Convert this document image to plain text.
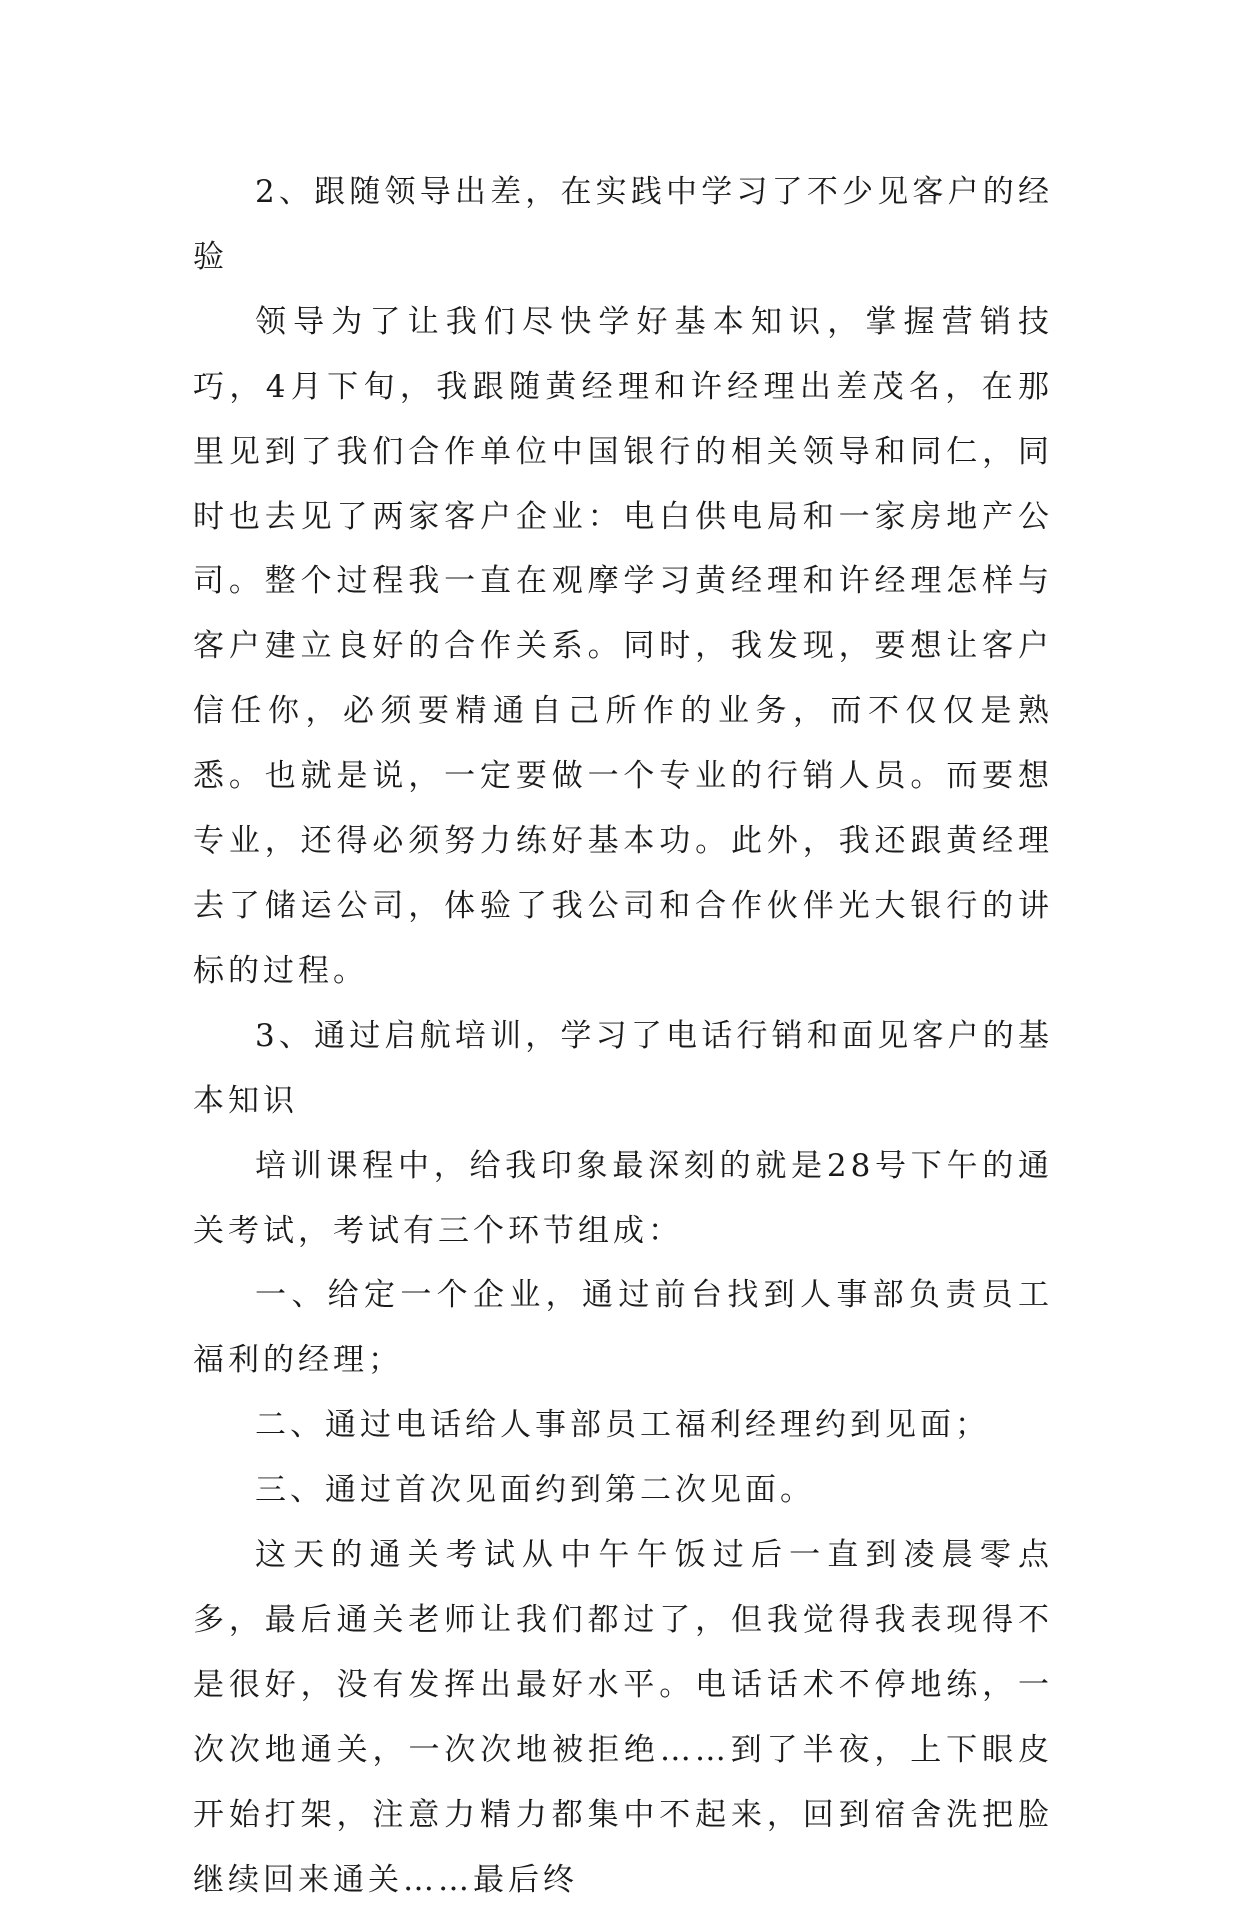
2、跟随领导出差，在实践中学习了不少见客户的经验

领导为了让我们尽快学好基本知识，掌握营销技巧，4月下旬，我跟随黄经理和许经理出差茂名，在那里见到了我们合作单位中国银行的相关领导和同仁，同时也去见了两家客户企业：电白供电局和一家房地产公司。整个过程我一直在观摩学习黄经理和许经理怎样与客户建立良好的合作关系。同时，我发现，要想让客户信任你，必须要精通自己所作的业务，而不仅仅是熟悉。也就是说，一定要做一个专业的行销人员。而要想专业，还得必须努力练好基本功。此外，我还跟黄经理去了储运公司，体验了我公司和合作伙伴光大银行的讲标的过程。

3、通过启航培训，学习了电话行销和面见客户的基本知识

培训课程中，给我印象最深刻的就是28号下午的通关考试，考试有三个环节组成：

一、给定一个企业，通过前台找到人事部负责员工福利的经理；

二、通过电话给人事部员工福利经理约到见面；

三、通过首次见面约到第二次见面。

这天的通关考试从中午午饭过后一直到凌晨零点多，最后通关老师让我们都过了，但我觉得我表现得不是很好，没有发挥出最好水平。电话话术不停地练，一次次地通关，一次次地被拒绝……到了半夜，上下眼皮开始打架，注意力精力都集中不起来，回到宿舍洗把脸继续回来通关……最后终
